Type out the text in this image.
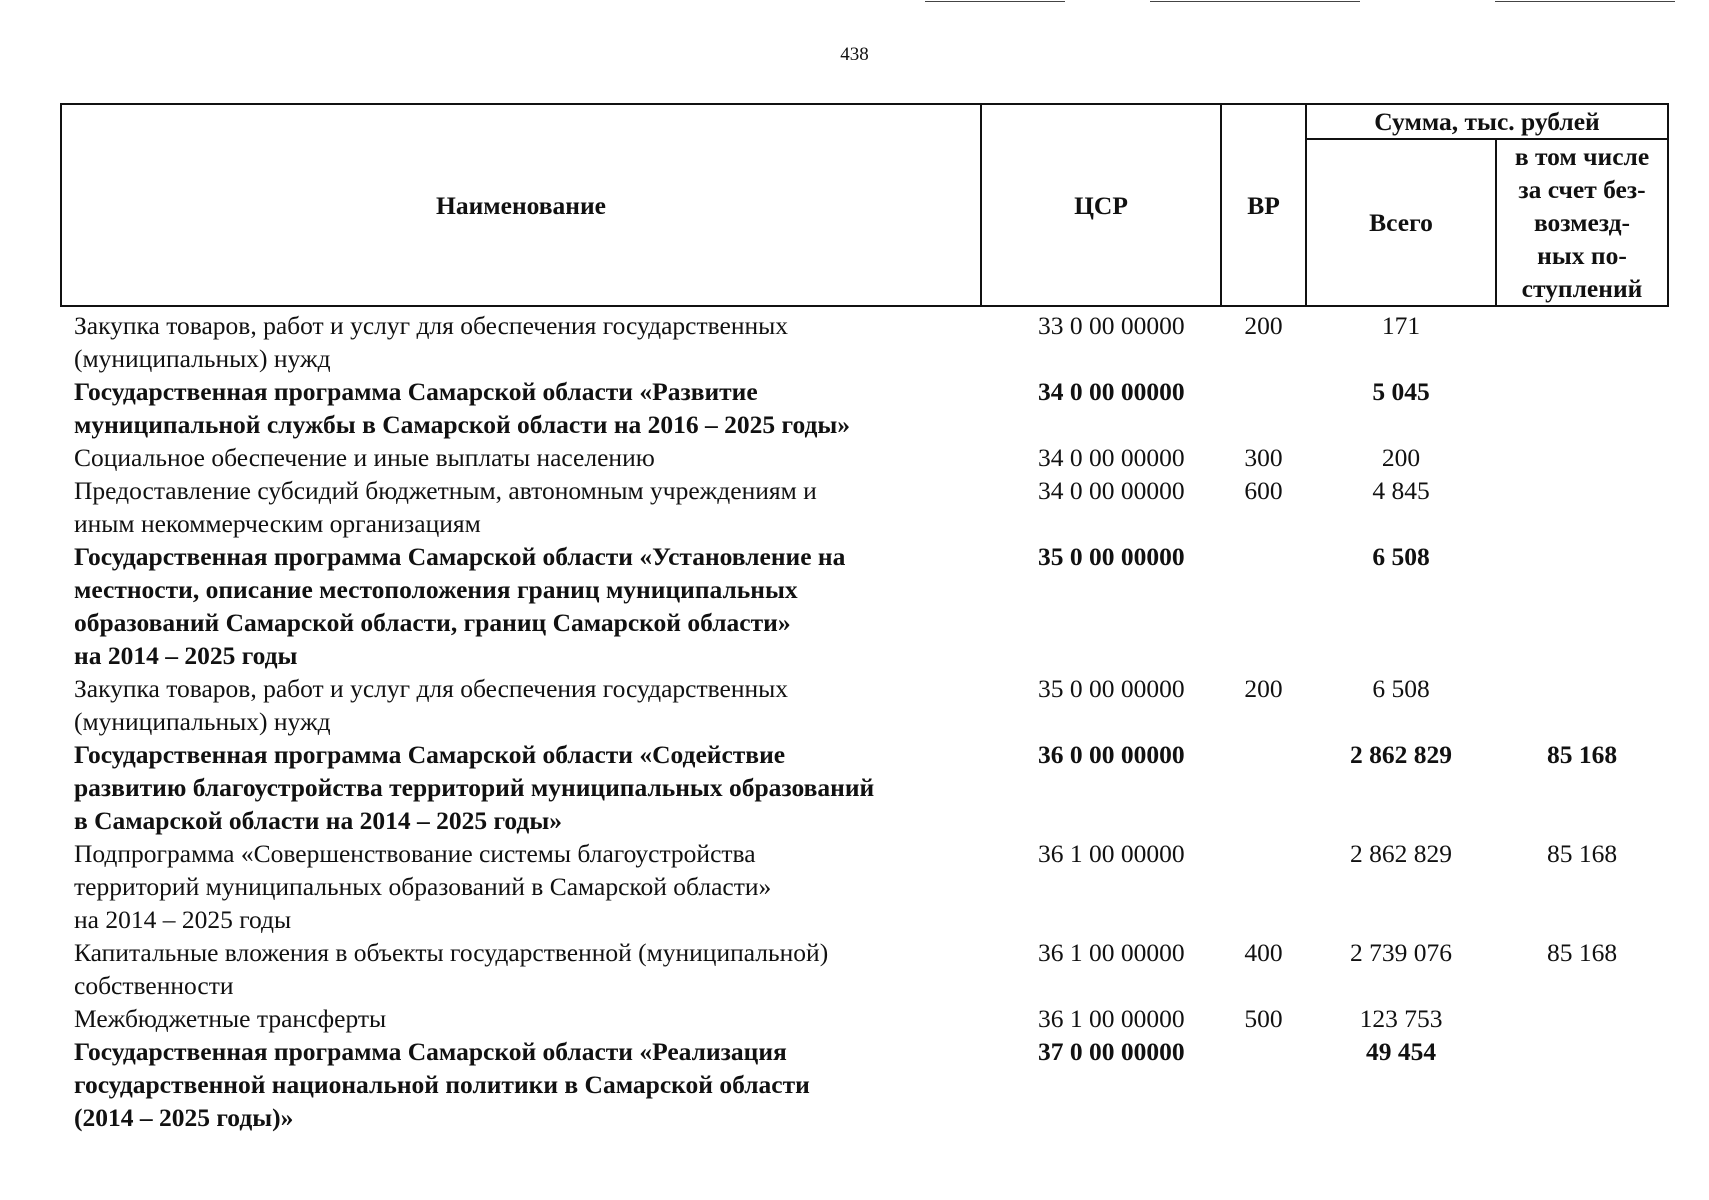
438
Наименование	ЦСР	ВР	Сумма, тыс. рублей	
			Всего	в том числе
за счет без-
возмезд-
ных по-
ступлений

Закупка товаров, работ и услуг для обеспечения государственных
(муниципальных) нужд	33 0 00 00000	200	171	

Государственная программа Самарской области «Развитие
муниципальной службы в Самарской области на 2016 – 2025 годы»	34 0 00 00000		5 045	

Социальное обеспечение и иные выплаты населению	34 0 00 00000	300	200	

Предоставление субсидий бюджетным, автономным учреждениям и
иным некоммерческим организациям	34 0 00 00000	600	4 845	

Государственная программа Самарской области «Установление на
местности, описание местоположения границ муниципальных
образований Самарской области, границ Самарской области»
на 2014 – 2025 годы	35 0 00 00000		6 508	

Закупка товаров, работ и услуг для обеспечения государственных
(муниципальных) нужд	35 0 00 00000	200	6 508	

Государственная программа Самарской области «Содействие
развитию благоустройства территорий муниципальных образований
в Самарской области на 2014 – 2025 годы»	36 0 00 00000		2 862 829	85 168

Подпрограмма «Совершенствование системы благоустройства
территорий муниципальных образований в Самарской области»
на 2014 – 2025 годы	36 1 00 00000		2 862 829	85 168

Капитальные вложения в объекты государственной (муниципальной)
собственности	36 1 00 00000	400	2 739 076	85 168

Межбюджетные трансферты	36 1 00 00000	500	123 753	

Государственная программа Самарской области «Реализация
государственной национальной политики в Самарской области
(2014 – 2025 годы)»	37 0 00 00000		49 454	
